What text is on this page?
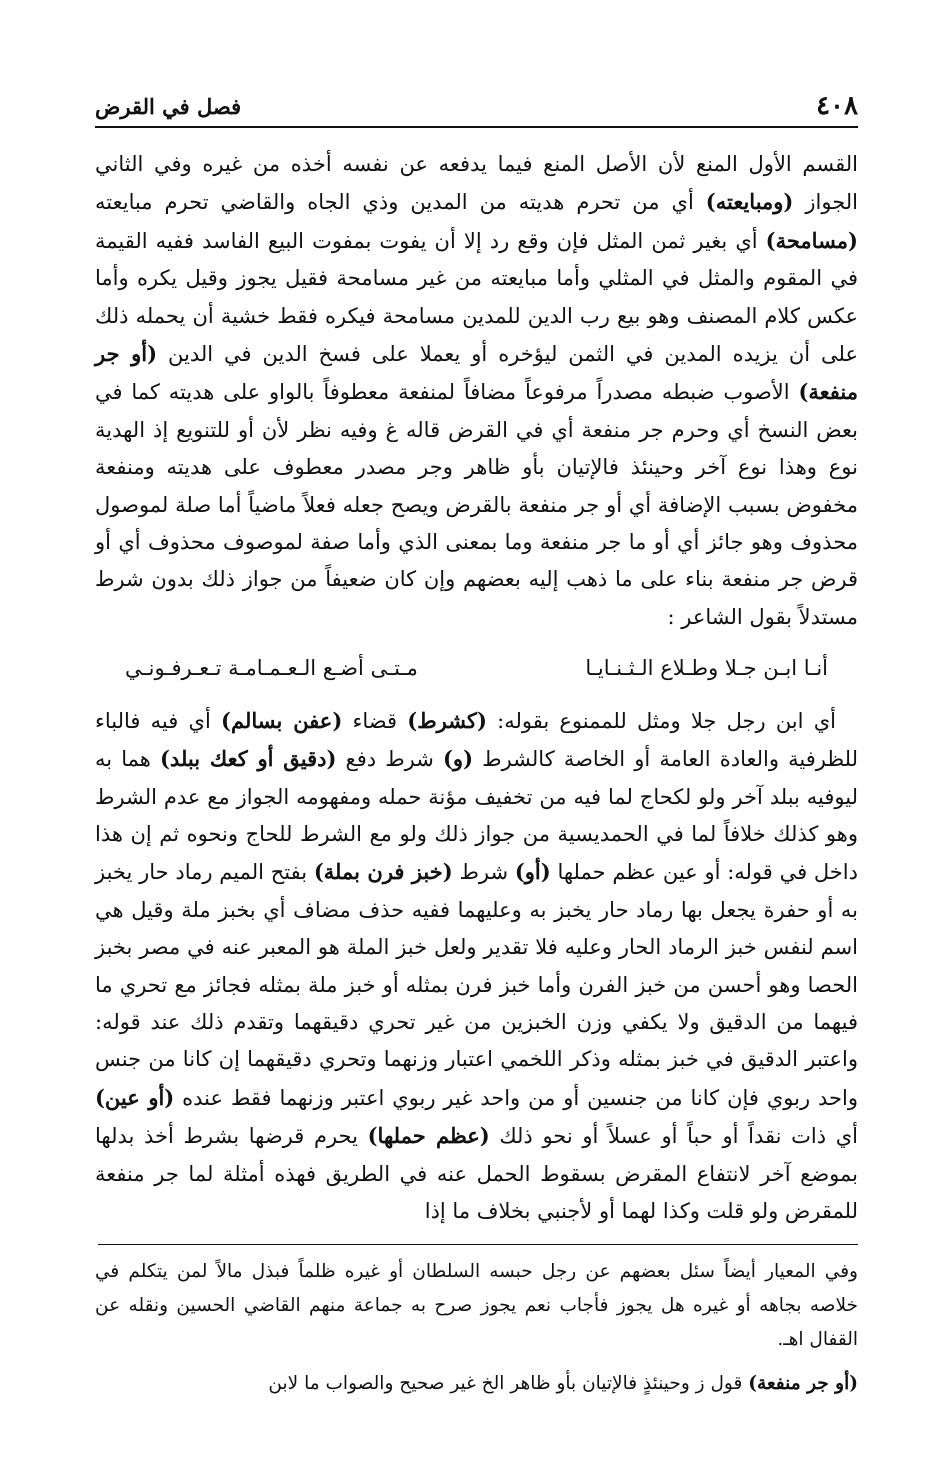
٤٠٨
فصل في القرض

القسم الأول المنع لأن الأصل المنع فيما يدفعه عن نفسه أخذه من غيره وفي الثاني الجواز (ومبايعته) أي من تحرم هديته من المدين وذي الجاه والقاضي تحرم مبايعته (مسامحة) أي بغير ثمن المثل فإن وقع رد إلا أن يفوت بمفوت البيع الفاسد ففيه القيمة في المقوم والمثل في المثلي وأما مبايعته من غير مسامحة فقيل يجوز وقيل يكره وأما عكس كلام المصنف وهو بيع رب الدين للمدين مسامحة فيكره فقط خشية أن يحمله ذلك على أن يزيده المدين في الثمن ليؤخره أو يعملا على فسخ الدين في الدين (أو جر منفعة) الأصوب ضبطه مصدراً مرفوعاً مضافاً لمنفعة معطوفاً بالواو على هديته كما في بعض النسخ أي وحرم جر منفعة أي في القرض قاله غ وفيه نظر لأن أو للتنويع إذ الهدية نوع وهذا نوع آخر وحينئذ فالإتيان بأو ظاهر وجر مصدر معطوف على هديته ومنفعة مخفوض بسبب الإضافة أي أو جر منفعة بالقرض ويصح جعله فعلاً ماضياً أما صلة لموصول محذوف وهو جائز أي أو ما جر منفعة وما بمعنى الذي وأما صفة لموصوف محذوف أي أو قرض جر منفعة بناء على ما ذهب إليه بعضهم وإن كان ضعيفاً من جواز ذلك بدون شرط مستدلاً بقول الشاعر :

أنـا ابـن جـلا وطـلاع الـثـنـايـا
مـتـى أضـع الـعـمـامـة تـعـرفـونـي

أي ابن رجل جلا ومثل للممنوع بقوله: (كشرط) قضاء (عفن بسالم) أي فيه فالباء للظرفية والعادة العامة أو الخاصة كالشرط (و) شرط دفع (دقيق أو كعك ببلد) هما به ليوفيه ببلد آخر ولو لكحاج لما فيه من تخفيف مؤنة حمله ومفهومه الجواز مع عدم الشرط وهو كذلك خلافاً لما في الحمديسية من جواز ذلك ولو مع الشرط للحاج ونحوه ثم إن هذا داخل في قوله: أو عين عظم حملها (أو) شرط (خبز فرن بملة) بفتح الميم رماد حار يخبز به أو حفرة يجعل بها رماد حار يخبز به وعليهما ففيه حذف مضاف أي بخبز ملة وقيل هي اسم لنفس خبز الرماد الحار وعليه فلا تقدير ولعل خبز الملة هو المعبر عنه في مصر بخبز الحصا وهو أحسن من خبز الفرن وأما خبز فرن بمثله أو خبز ملة بمثله فجائز مع تحري ما فيهما من الدقيق ولا يكفي وزن الخبزين من غير تحري دقيقهما وتقدم ذلك عند قوله: واعتبر الدقيق في خبز بمثله وذكر اللخمي اعتبار وزنهما وتحري دقيقهما إن كانا من جنس واحد ربوي فإن كانا من جنسين أو من واحد غير ربوي اعتبر وزنهما فقط عنده (أو عين) أي ذات نقداً أو حباً أو عسلاً أو نحو ذلك (عظم حملها) يحرم قرضها بشرط أخذ بدلها بموضع آخر لانتفاع المقرض بسقوط الحمل عنه في الطريق فهذه أمثلة لما جر منفعة للمقرض ولو قلت وكذا لهما أو لأجنبي بخلاف ما إذا

وفي المعيار أيضاً سئل بعضهم عن رجل حبسه السلطان أو غيره ظلماً فبذل مالاً لمن يتكلم في خلاصه بجاهه أو غيره هل يجوز فأجاب نعم يجوز صرح به جماعة منهم القاضي الحسين ونقله عن القفال اهـ.

(أو جر منفعة) قول ز وحينئذٍ فالإتيان بأو ظاهر الخ غير صحيح والصواب ما لابن
